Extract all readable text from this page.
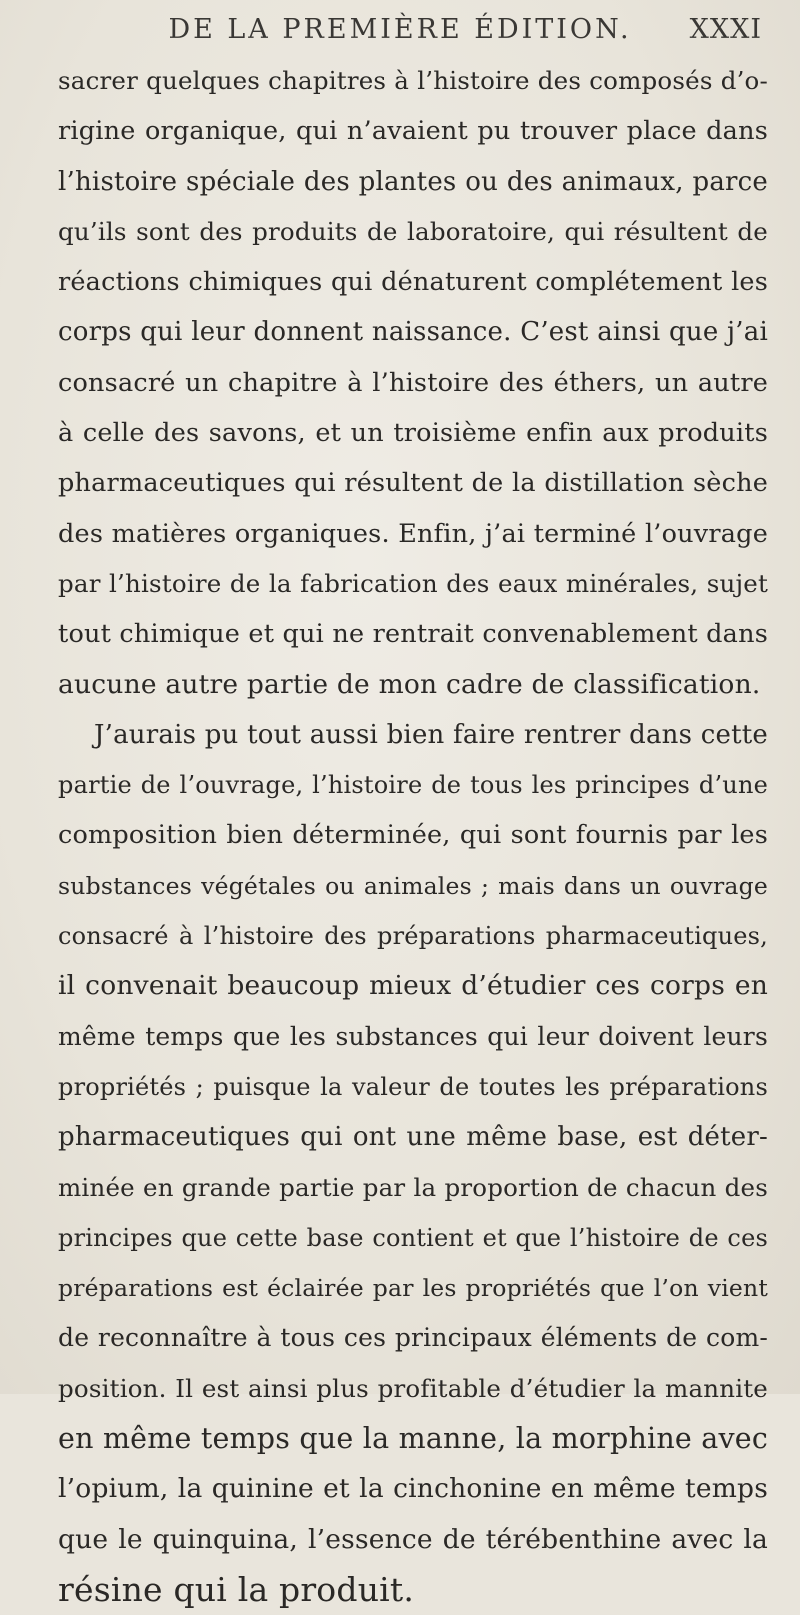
DE LA PREMIÈRE ÉDITION.	XXXI
sacrer quelques chapitres à l’histoire des composés d’o-
rigine organique, qui n’avaient pu trouver place dans
l’histoire spéciale des plantes ou des animaux, parce
qu’ils sont des produits de laboratoire, qui résultent de
réactions chimiques qui dénaturent complétement les
corps qui leur donnent naissance. C’est ainsi que j’ai
consacré un chapitre à l’histoire des éthers, un autre
à celle des savons, et un troisième enfin aux produits
pharmaceutiques qui résultent de la distillation sèche
des matières organiques. Enfin, j’ai terminé l’ouvrage
par l’histoire de la fabrication des eaux minérales, sujet
tout chimique et qui ne rentrait convenablement dans
aucune autre partie de mon cadre de classification.
J’aurais pu tout aussi bien faire rentrer dans cette
partie de l’ouvrage, l’histoire de tous les principes d’une
composition bien déterminée, qui sont fournis par les
substances végétales ou animales ; mais dans un ouvrage
consacré à l’histoire des préparations pharmaceutiques,
il convenait beaucoup mieux d’étudier ces corps en
même temps que les substances qui leur doivent leurs
propriétés ; puisque la valeur de toutes les préparations
pharmaceutiques qui ont une même base, est déter-
minée en grande partie par la proportion de chacun des
principes que cette base contient et que l’histoire de ces
préparations est éclairée par les propriétés que l’on vient
de reconnaître à tous ces principaux éléments de com-
position. Il est ainsi plus profitable d’étudier la mannite
en même temps que la manne, la morphine avec
l’opium, la quinine et la cinchonine en même temps
que le quinquina, l’essence de térébenthine avec la
résine qui la produit.
